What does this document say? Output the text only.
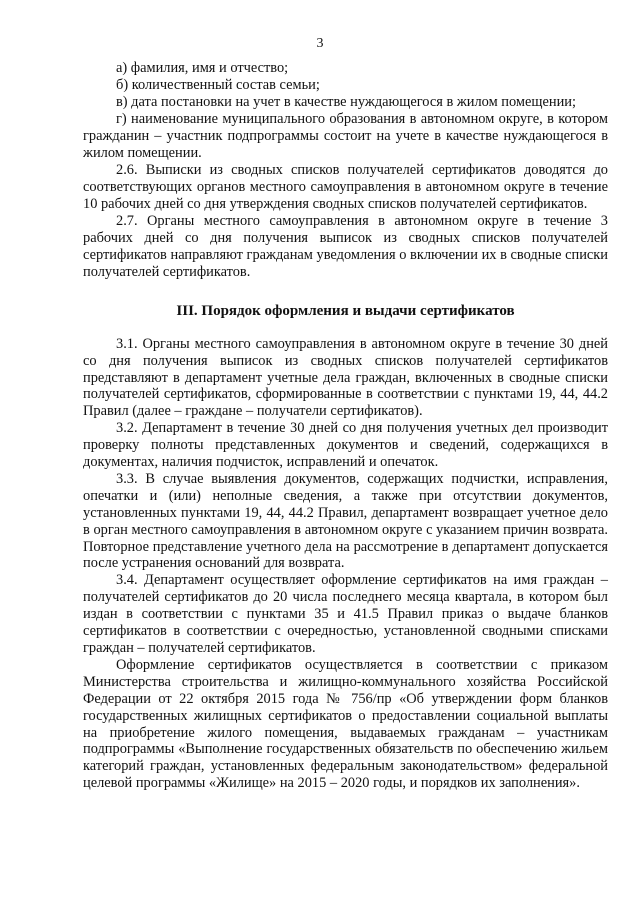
3

а) фамилия, имя и отчество;

б) количественный состав семьи;

в) дата постановки на учет в качестве нуждающегося в жилом помещении;

г) наименование муниципального образования в автономном округе, в котором гражданин – участник подпрограммы состоит на учете в качестве нуждающегося в жилом помещении.

2.6. Выписки из сводных списков получателей сертификатов доводятся до соответствующих органов местного самоуправления в автономном округе в течение 10 рабочих дней со дня утверждения сводных списков получателей сертификатов.

2.7. Органы местного самоуправления в автономном округе в течение 3 рабочих дней со дня получения выписок из сводных списков получателей сертификатов направляют гражданам уведомления о включении их в сводные списки получателей сертификатов.

III. Порядок оформления и выдачи сертификатов

3.1. Органы местного самоуправления в автономном округе в течение 30 дней со дня получения выписок из сводных списков получателей сертификатов представляют в департамент учетные дела граждан, включенных в сводные списки получателей сертификатов, сформированные в соответствии с пунктами 19, 44, 44.2 Правил (далее – граждане – получатели сертификатов).

3.2. Департамент в течение 30 дней со дня получения учетных дел производит проверку полноты представленных документов и сведений, содержащихся в документах, наличия подчисток, исправлений и опечаток.

3.3. В случае выявления документов, содержащих подчистки, исправления, опечатки и (или) неполные сведения, а также при отсутствии документов, установленных пунктами 19, 44, 44.2 Правил, департамент возвращает учетное дело в орган местного самоуправления в автономном округе с указанием причин возврата. Повторное представление учетного дела на рассмотрение в департамент допускается после устранения оснований для возврата.

3.4. Департамент осуществляет оформление сертификатов на имя граждан – получателей сертификатов до 20 числа последнего месяца квартала, в котором был издан в соответствии с пунктами 35 и 41.5 Правил приказ о выдаче бланков сертификатов в соответствии с очередностью, установленной сводными списками граждан – получателей сертификатов.

Оформление сертификатов осуществляется в соответствии с приказом Министерства строительства и жилищно-коммунального хозяйства Российской Федерации от 22 октября 2015 года № 756/пр «Об утверждении форм бланков государственных жилищных сертификатов о предоставлении социальной выплаты на приобретение жилого помещения, выдаваемых гражданам – участникам подпрограммы «Выполнение государственных обязательств по обеспечению жильем категорий граждан, установленных федеральным законодательством» федеральной целевой программы «Жилище» на 2015 – 2020 годы, и порядков их заполнения».
